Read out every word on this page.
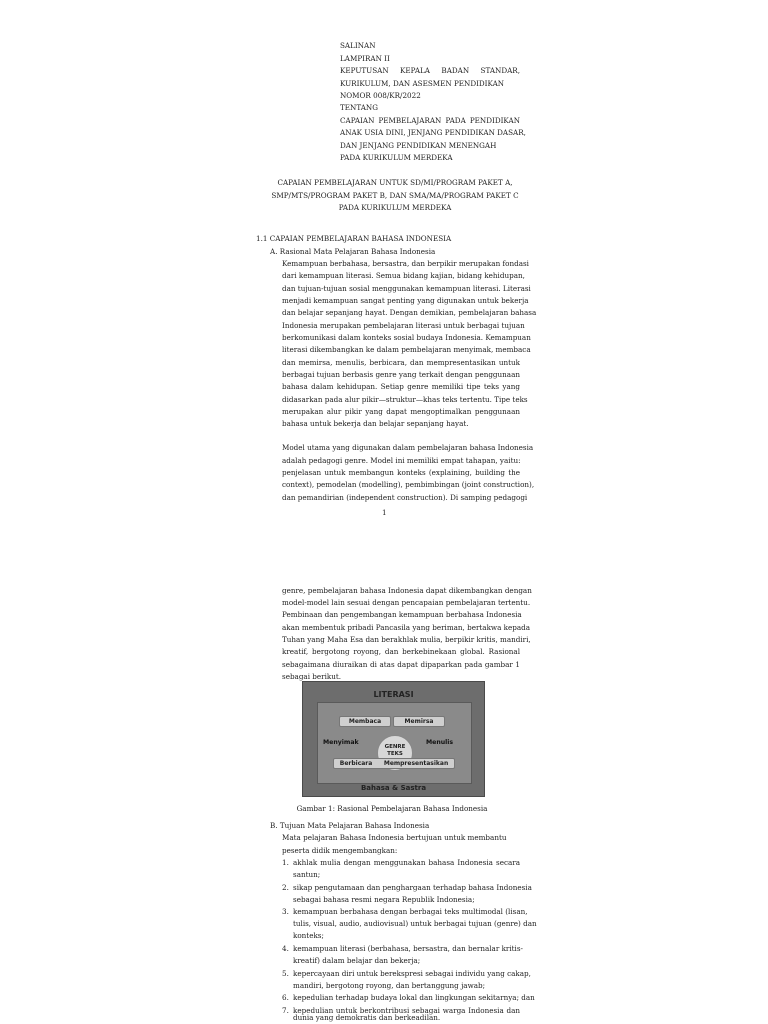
SALINAN
LAMPIRAN II
KEPUTUSAN KEPALA BADAN STANDAR,
KURIKULUM, DAN ASESMEN PENDIDIKAN
NOMOR 008/KR/2022
TENTANG
CAPAIAN PEMBELAJARAN PADA PENDIDIKAN
ANAK USIA DINI, JENJANG PENDIDIKAN DASAR,
DAN JENJANG PENDIDIKAN MENENGAH
PADA KURIKULUM MERDEKA
CAPAIAN PEMBELAJARAN UNTUK SD/MI/PROGRAM PAKET A,
SMP/MTS/PROGRAM PAKET B, DAN SMA/MA/PROGRAM PAKET C
PADA KURIKULUM MERDEKA
1.1 CAPAIAN PEMBELAJARAN BAHASA INDONESIA
A. Rasional Mata Pelajaran Bahasa Indonesia
Kemampuan berbahasa, bersastra, dan berpikir merupakan fondasi
dari kemampuan literasi. Semua bidang kajian, bidang kehidupan,
dan tujuan-tujuan sosial menggunakan kemampuan literasi. Literasi
menjadi kemampuan sangat penting yang digunakan untuk bekerja
dan belajar sepanjang hayat. Dengan demikian, pembelajaran bahasa
Indonesia merupakan pembelajaran literasi untuk berbagai tujuan
berkomunikasi dalam konteks sosial budaya Indonesia. Kemampuan
literasi dikembangkan ke dalam pembelajaran menyimak, membaca
dan memirsa, menulis, berbicara, dan mempresentasikan untuk
berbagai tujuan berbasis genre yang terkait dengan penggunaan
bahasa dalam kehidupan. Setiap genre memiliki tipe teks yang
didasarkan pada alur pikir—struktur—khas teks tertentu. Tipe teks
merupakan alur pikir yang dapat mengoptimalkan penggunaan
bahasa untuk bekerja dan belajar sepanjang hayat.
Model utama yang digunakan dalam pembelajaran bahasa Indonesia
adalah pedagogi genre. Model ini memiliki empat tahapan, yaitu:
penjelasan untuk membangun konteks (explaining, building the
context), pemodelan (modelling), pembimbingan (joint construction),
dan pemandirian (independent construction). Di samping pedagogi
1
genre, pembelajaran bahasa Indonesia dapat dikembangkan dengan
model-model lain sesuai dengan pencapaian pembelajaran tertentu.
Pembinaan dan pengembangan kemampuan berbahasa Indonesia
akan membentuk pribadi Pancasila yang beriman, bertakwa kepada
Tuhan yang Maha Esa dan berakhlak mulia, berpikir kritis, mandiri,
kreatif, bergotong royong, dan berkebinekaan global. Rasional
sebagaimana diuraikan di atas dapat dipaparkan pada gambar 1
sebagai berikut.
LITERASI
Membaca	Memirsa
Menyimak	Menulis
GENRE
TEKS
Berbicara Mempresentasikan
Bahasa & Sastra
Gambar 1: Rasional Pembelajaran Bahasa Indonesia
B. Tujuan Mata Pelajaran Bahasa Indonesia
Mata pelajaran Bahasa Indonesia bertujuan untuk membantu
peserta didik mengembangkan:
1. akhlak mulia dengan menggunakan bahasa Indonesia secara
santun;
2. sikap pengutamaan dan penghargaan terhadap bahasa Indonesia
sebagai bahasa resmi negara Republik Indonesia;
3. kemampuan berbahasa dengan berbagai teks multimodal (lisan,
tulis, visual, audio, audiovisual) untuk berbagai tujuan (genre) dan
konteks;
4. kemampuan literasi (berbahasa, bersastra, dan bernalar kritis-
kreatif) dalam belajar dan bekerja;
5. kepercayaan diri untuk berekspresi sebagai individu yang cakap,
mandiri, bergotong royong, dan bertanggung jawab;
6. kepedulian terhadap budaya lokal dan lingkungan sekitarnya; dan
7. kepedulian untuk berkontribusi sebagai warga Indonesia dan
dunia yang demokratis dan berkeadilan.
